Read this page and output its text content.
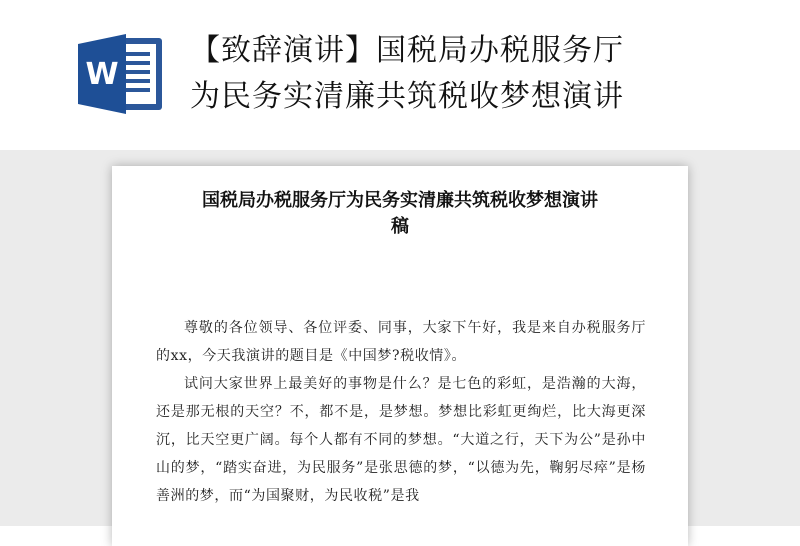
W
【致辞演讲】国税局办税服务厅
为民务实清廉共筑税收梦想演讲
国税局办税服务厅为民务实清廉共筑税收梦想演讲
稿

尊敬的各位领导、各位评委、同事，大家下午好，我是来自办税服务厅的xx，今天我演讲的题目是《中国梦?税收情》。

试问大家世界上最美好的事物是什么？是七色的彩虹，是浩瀚的大海，还是那无根的天空？不，都不是，是梦想。梦想比彩虹更绚烂，比大海更深沉，比天空更广阔。每个人都有不同的梦想。“大道之行，天下为公”是孙中山的梦，“踏实奋进，为民服务”是张思德的梦，“以德为先，鞠躬尽瘁”是杨善洲的梦，而“为国聚财，为民收税”是我
